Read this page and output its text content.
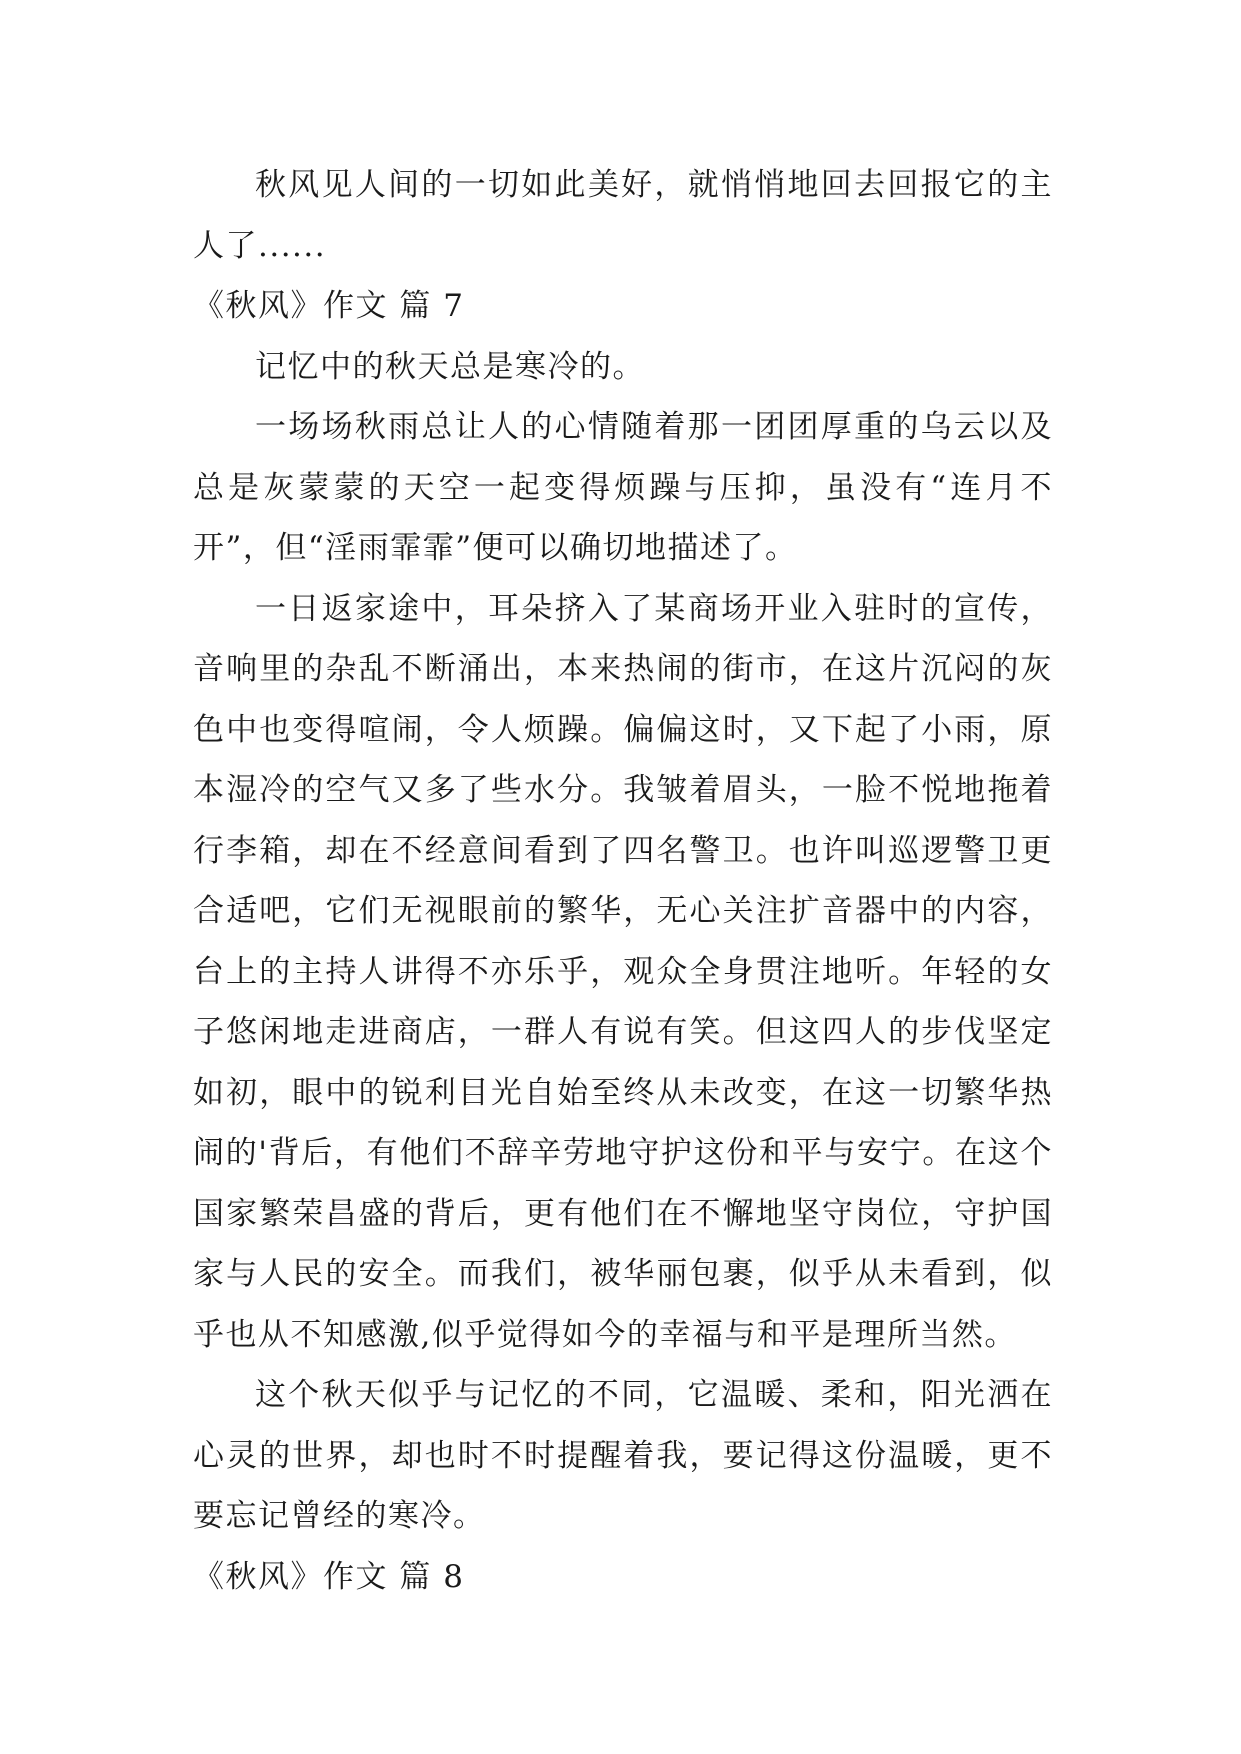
秋风见人间的一切如此美好，就悄悄地回去回报它的主人了......

《秋风》作文 篇 7

记忆中的秋天总是寒冷的。

一场场秋雨总让人的心情随着那一团团厚重的乌云以及总是灰蒙蒙的天空一起变得烦躁与压抑，虽没有“连月不开”，但“淫雨霏霏”便可以确切地描述了。

一日返家途中，耳朵挤入了某商场开业入驻时的宣传，音响里的杂乱不断涌出，本来热闹的街市，在这片沉闷的灰色中也变得喧闹，令人烦躁。偏偏这时，又下起了小雨，原本湿冷的空气又多了些水分。我皱着眉头，一脸不悦地拖着行李箱，却在不经意间看到了四名警卫。也许叫巡逻警卫更合适吧，它们无视眼前的繁华，无心关注扩音器中的内容，台上的主持人讲得不亦乐乎，观众全身贯注地听。年轻的女子悠闲地走进商店，一群人有说有笑。但这四人的步伐坚定如初，眼中的锐利目光自始至终从未改变，在这一切繁华热闹的'背后，有他们不辞辛劳地守护这份和平与安宁。在这个国家繁荣昌盛的背后，更有他们在不懈地坚守岗位，守护国家与人民的安全。而我们，被华丽包裹，似乎从未看到，似乎也从不知感激,似乎觉得如今的幸福与和平是理所当然。

这个秋天似乎与记忆的不同，它温暖、柔和，阳光洒在心灵的世界，却也时不时提醒着我，要记得这份温暖，更不要忘记曾经的寒冷。

《秋风》作文 篇 8
